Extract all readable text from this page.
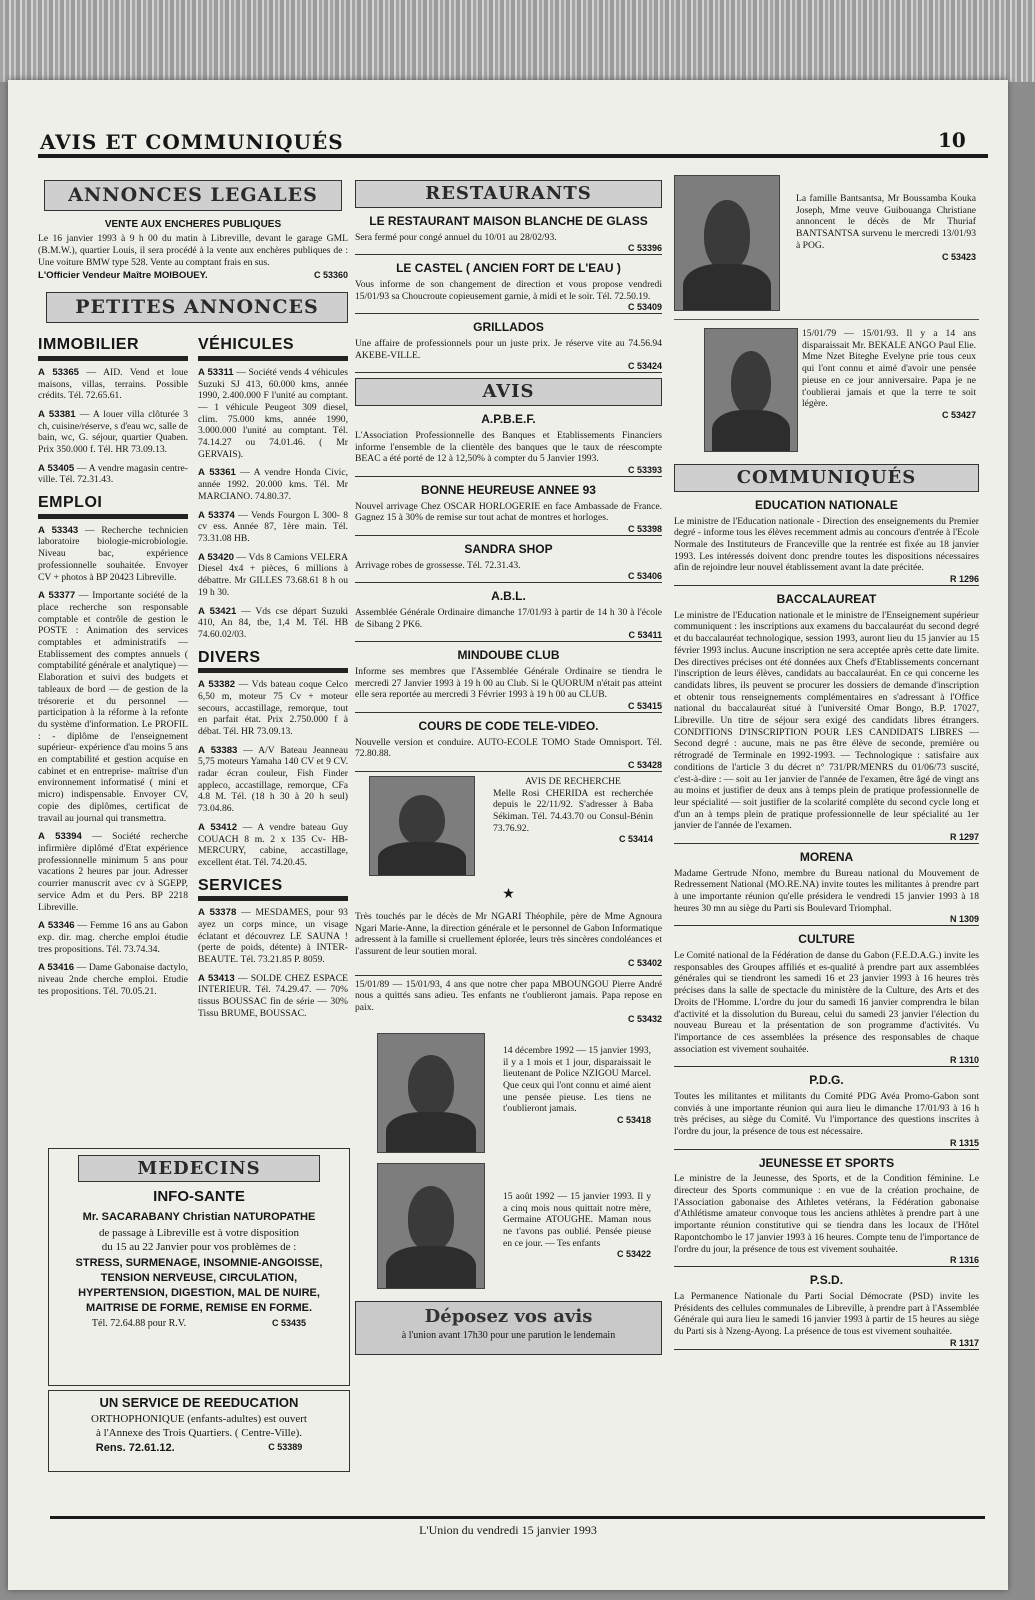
AVIS ET COMMUNIQUÉS	10
ANNONCES LEGALES
VENTE AUX ENCHERES PUBLIQUES

Le 16 janvier 1993 à 9 h 00 du matin à Libreville, devant le garage GML (B.M.W.), quartier Louis, il sera procédé à la vente aux enchères publiques de : Une voiture BMW type 528. Vente au comptant frais en sus.

L'Officier Vendeur Maître MOIBOUEY.	C 53360
PETITES ANNONCES
IMMOBILIER

A 53365 — AID. Vend et loue maisons, villas, terrains. Possible crédits. Tél. 72.65.61.

A 53381 — A louer villa clôturée 3 ch, cuisine/réserve, s d'eau wc, salle de bain, wc, G. séjour, quartier Quaben. Prix 350.000 f. Tél. HR 73.09.13.

A 53405 — A vendre magasin centre-ville. Tél. 72.31.43.

EMPLOI

A 53343 — Recherche technicien laboratoire biologie-microbiologie. Niveau bac, expérience professionnelle souhaitée. Envoyer CV + photos à BP 20423 Libreville.

A 53377 — Importante société de la place recherche son responsable comptable et contrôle de gestion le POSTE : Animation des services comptables et administratifs — Etablissement des comptes annuels ( comptabilité générale et analytique) — Elaboration et suivi des budgets et tableaux de bord — de gestion de la trésorerie et du personnel — participation à la réforme à la refonte du système d'information. Le PROFIL : - diplôme de l'enseignement supérieur- expérience d'au moins 5 ans en comptabilité et gestion acquise en cabinet et en entreprise- maîtrise d'un environnement informatisé ( mini et micro) indispensable. Envoyer CV, copie des diplômes, certificat de travail au journal qui transmettra.

A 53394 — Société recherche infirmière diplômé d'Etat expérience professionnelle minimum 5 ans pour vacations 2 heures par jour. Adresser courrier manuscrit avec cv à SGEPP, service Adm et du Pers. BP 2218 Libreville.

A 53346 — Femme 16 ans au Gabon exp. dir. mag. cherche emploi étudie tres propositions. Tél. 73.74.34.

A 53416 — Dame Gabonaise dactylo, niveau 2nde cherche emploi. Etudie tes propositions. Tél. 70.05.21.

VÉHICULES

A 53311 — Société vends 4 véhicules Suzuki SJ 413, 60.000 kms, année 1990, 2.400.000 F l'unité au comptant. — 1 véhicule Peugeot 309 diesel, clim. 75.000 kms, année 1990, 3.000.000 l'unité au comptant. Tél. 74.14.27 ou 74.01.46. ( Mr GERVAIS).

A 53361 — A vendre Honda Civic, année 1992. 20.000 kms. Tél. Mr MARCIANO. 74.80.37.

A 53374 — Vends Fourgon L 300- 8 cv ess. Année 87, 1ère main. Tél. 73.31.08 HB.

A 53420 — Vds 8 Camions VELERA Diesel 4x4 + pièces, 6 millions à débattre. Mr GILLES 73.68.61 8 h ou 19 h 30.

A 53421 — Vds cse départ Suzuki 410, An 84, tbe, 1,4 M. Tél. HB 74.60.02/03.

DIVERS

A 53382 — Vds bateau coque Celco 6,50 m, moteur 75 Cv + moteur secours, accastillage, remorque, tout en parfait état. Prix 2.750.000 f à débat. Tél. HR 73.09.13.

A 53383 — A/V Bateau Jeanneau 5,75 moteurs Yamaha 140 CV et 9 CV. radar écran couleur, Fish Finder appleco, accastillage, remorque, CFa 4.8 M. Tél. (18 h 30 à 20 h seul) 73.04.86.

A 53412 — A vendre bateau Guy COUACH 8 m. 2 x 135 Cv- HB- MERCURY, cabine, accastillage, excellent état. Tél. 74.20.45.

SERVICES

A 53378 — MESDAMES, pour 93 ayez un corps mince, un visage éclatant et découvrez LE SAUNA ! (perte de poids, détente) à INTER-BEAUTE. Tél. 73.21.85 P. 8059.

A 53413 — SOLDE CHEZ ESPACE INTERIEUR. Tél. 74.29.47. — 70% tissus BOUSSAC fin de série — 30% Tissu BRUME, BOUSSAC.

MEDECINS
INFO-SANTE
Mr. SACARABANY Christian NATUROPATHE
de passage à Libreville est à votre disposition
du 15 au 22 Janvier pour vos problèmes de :
STRESS, SURMENAGE, INSOMNIE-ANGOISSE,
TENSION NERVEUSE, CIRCULATION,
HYPERTENSION, DIGESTION, MAL DE NUIRE,
MAITRISE DE FORME, REMISE EN FORME.
Tél. 72.64.88 pour R.V.	C 53435
UN SERVICE DE REEDUCATION
ORTHOPHONIQUE (enfants-adultes) est ouvert
à l'Annexe des Trois Quartiers. ( Centre-Ville).
Rens. 72.61.12.	C 53389
RESTAURANTS
LE RESTAURANT MAISON BLANCHE DE GLASS

Sera fermé pour congé annuel du 10/01 au 28/02/93.

C 53396
LE CASTEL ( ANCIEN FORT DE L'EAU )

Vous informe de son changement de direction et vous propose vendredi 15/01/93 sa Choucroute copieusement garnie, à midi et le soir. Tél. 72.50.19.

C 53409
GRILLADOS

Une affaire de professionnels pour un juste prix. Je réserve vite au 74.56.94 AKEBE-VILLE.

C 53424
AVIS
A.P.B.E.F.

L'Association Professionnelle des Banques et Etablissements Financiers informe l'ensemble de la clientèle des banques que le taux de réescompte BEAC a été porté de 12 à 12,50% à compter du 5 Janvier 1993.

C 53393
BONNE HEUREUSE ANNEE 93

Nouvel arrivage Chez OSCAR HORLOGERIE en face Ambassade de France. Gagnez 15 à 30% de remise sur tout achat de montres et horloges.

C 53398
SANDRA SHOP

Arrivage robes de grossesse. Tél. 72.31.43.

C 53406
A.B.L.

Assemblée Générale Ordinaire dimanche 17/01/93 à partir de 14 h 30 à l'école de Sibang 2 PK6.

C 53411
MINDOUBE CLUB

Informe ses membres que l'Assemblée Générale Ordinaire se tiendra le mercredi 27 Janvier 1993 à 19 h 00 au Club. Si le QUORUM n'était pas atteint elle sera reportée au mercredi 3 Février 1993 à 19 h 00 au CLUB.

C 53415
COURS DE CODE TELE-VIDEO.

Nouvelle version et conduire. AUTO-ECOLE TOMO Stade Omnisport. Tél. 72.80.88.

C 53428
AVIS DE RECHERCHE

Melle Rosi CHERIDA est recherchée depuis le 22/11/92. S'adresser à Baba Sékiman. Tél. 74.43.70 ou Consul-Bénin 73.76.92.

C 53414
★

Très touchés par le décès de Mr NGARI Théophile, père de Mme Agnoura Ngari Marie-Anne, la direction générale et le personnel de Gabon Informatique adressent à la famille si cruellement éplorée, leurs très sincères condoléances et l'assurent de leur soutien moral.

C 53402

15/01/89 — 15/01/93, 4 ans que notre cher papa MBOUNGOU Pierre André nous a quittés sans adieu. Tes enfants ne t'oublieront jamais. Papa repose en paix.

C 53432

14 décembre 1992 — 15 janvier 1993, il y a 1 mois et 1 jour, disparaissait le lieutenant de Police NZIGOU Marcel. Que ceux qui l'ont connu et aimé aient une pensée pieuse. Les tiens ne t'oublieront jamais.

C 53418

15 août 1992 — 15 janvier 1993. Il y a cinq mois nous quittait notre mère, Germaine ATOUGHE. Maman nous ne t'avons pas oublié. Pensée pieuse en ce jour. — Tes enfants

C 53422
Déposez vos avis
à l'union avant 17h30 pour une parution le lendemain

La famille Bantsantsa, Mr Boussamba Kouka Joseph, Mme veuve Guibouanga Christiane annoncent le décès de Mr Thuriaf BANTSANTSA survenu le mercredi 13/01/93 à POG.

C 53423

15/01/79 — 15/01/93. Il y a 14 ans disparaissait Mr. BEKALE ANGO Paul Elie. Mme Nzet Biteghe Evelyne prie tous ceux qui l'ont connu et aimé d'avoir une pensée pieuse en ce jour anniversaire. Papa je ne t'oublierai jamais et que la terre te soit légère.

C 53427
COMMUNIQUÉS
EDUCATION NATIONALE

Le ministre de l'Education nationale - Direction des enseignements du Premier degré - informe tous les élèves recemment admis au concours d'entrée à l'Ecole Normale des Instituteurs de Franceville que la rentrée est fixée au 18 janvier 1993. Les intéressés doivent donc prendre toutes les dispositions nécessaires afin de rejoindre leur nouvel établissement avant la date précitée.

R 1296
BACCALAUREAT

Le ministre de l'Education nationale et le ministre de l'Enseignement supérieur communiquent : les inscriptions aux examens du baccalauréat du second degré et du baccalauréat technologique, session 1993, auront lieu du 15 janvier au 15 février 1993 inclus. Aucune inscription ne sera acceptée après cette date limite. Des directives précises ont été données aux Chefs d'Etablissements concernant l'inscription de leurs élèves, candidats au baccalauréat. En ce qui concerne les candidats libres, ils peuvent se procurer les dossiers de demande d'inscription et obtenir tous renseignements complémentaires en s'adressant à l'Office national du baccalauréat situé à l'université Omar Bongo, B.P. 17027, Libreville. Un titre de séjour sera exigé des candidats libres étrangers. CONDITIONS D'INSCRIPTION POUR LES CANDIDATS LIBRES — Second degré : aucune, mais ne pas être élève de seconde, première ou rétrogradé de Terminale en 1992-1993. — Technologique : satisfaire aux conditions de l'article 3 du décret n° 731/PR/MENRS du 01/06/73 suscité, c'est-à-dire : — soit au 1er janvier de l'année de l'examen, être âgé de vingt ans au moins et justifier de deux ans à temps plein de pratique professionnelle de leur spécialité — soit justifier de la scolarité complète du second cycle long et d'un an à temps plein de pratique professionnelle de leur spécialité au 1er janvier de l'année de l'examen.

R 1297
MORENA

Madame Gertrude Nfono, membre du Bureau national du Mouvement de Redressement National (MO.RE.NA) invite toutes les militantes à prendre part à une importante réunion qu'elle présidera le vendredi 15 janvier 1993 à 18 heures 30 mn au siège du Parti sis Boulevard Triomphal.

N 1309
CULTURE

Le Comité national de la Fédération de danse du Gabon (F.E.D.A.G.) invite les responsables des Groupes affiliés et es-qualité à prendre part aux assemblées générales qui se tiendront les samedi 16 et 23 janvier 1993 à 16 heures très précises dans la salle de spectacle du ministère de la Culture, des Arts et des Droits de l'Homme. L'ordre du jour du samedi 16 janvier comprendra le bilan d'activité et la dissolution du Bureau, celui du samedi 23 janvier l'élection du nouveau Bureau et la présentation de son programme d'activités. Vu l'importance de ces assemblées la présence des responsables de chaque association est vivement souhaitée.

R 1310
P.D.G.

Toutes les militantes et militants du Comité PDG Avéa Promo-Gabon sont conviés à une importante réunion qui aura lieu le dimanche 17/01/93 à 16 h très précises, au siège du Comité. Vu l'importance des questions inscrites à l'ordre du jour, la présence de tous est nécessaire.

R 1315
JEUNESSE ET SPORTS

Le ministre de la Jeunesse, des Sports, et de la Condition féminine. Le directeur des Sports communique : en vue de la création prochaine, de l'Association gabonaise des Athletes vetérans, la Fédération gabonaise d'Athlétisme amateur convoque tous les anciens athlètes à prendre part à une importante réunion constitutive qui se tiendra dans les locaux de l'Hôtel Rapontchombo le 17 janvier 1993 à 16 heures. Compte tenu de l'importance de l'ordre du jour, la présence de tous est vivement souhaitée.

R 1316
P.S.D.

La Permanence Nationale du Parti Social Démocrate (PSD) invite les Présidents des cellules communales de Libreville, à prendre part à l'Assemblée Générale qui aura lieu le samedi 16 janvier 1993 à partir de 15 heures au siège du Parti sis à Nzeng-Ayong. La présence de tous est vivement souhaitée.

R 1317
L'Union du vendredi 15 janvier 1993
